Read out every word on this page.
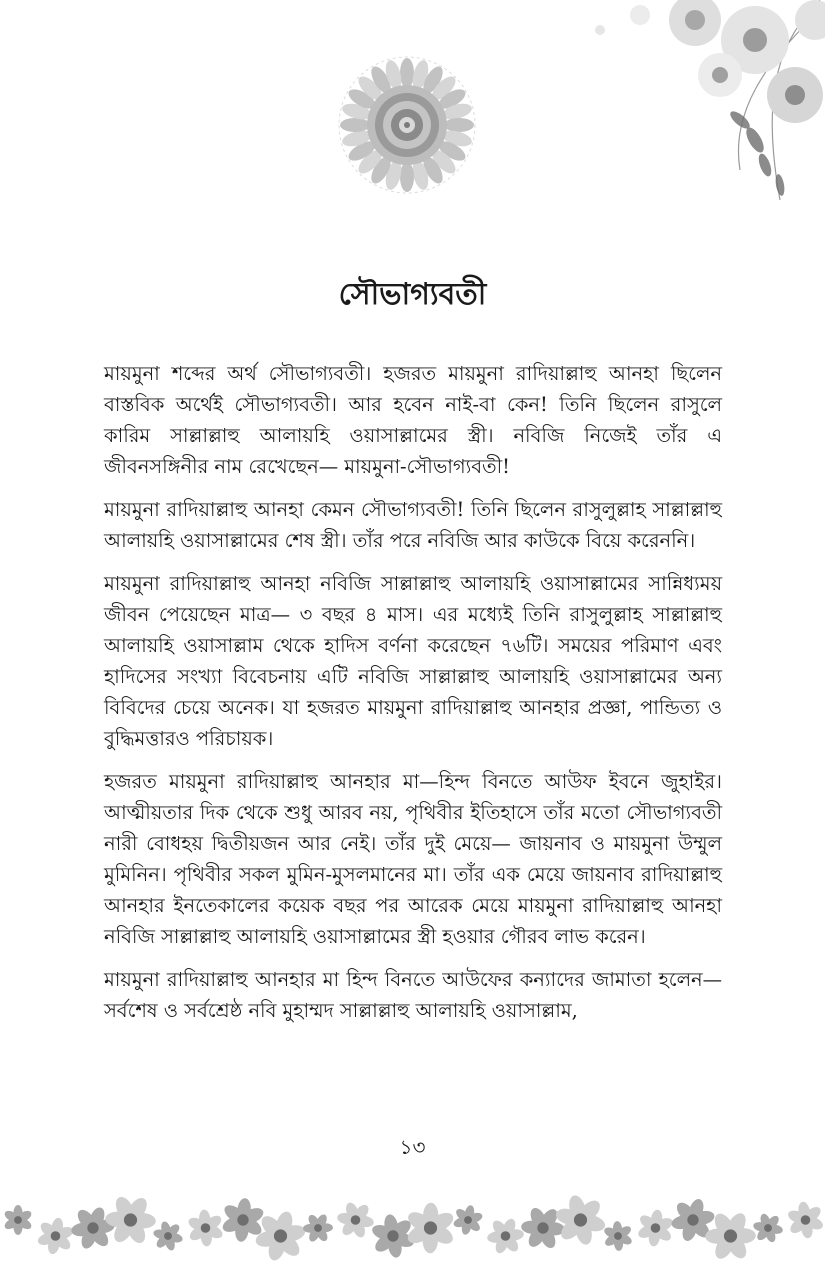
সৌভাগ্যবতী

মায়মুনা শব্দের অর্থ সৌভাগ্যবতী। হজরত মায়মুনা রাদিয়াল্লাহু আনহা ছিলেন বাস্তবিক অর্থেই সৌভাগ্যবতী। আর হবেন নাই-বা কেন! তিনি ছিলেন রাসুলে কারিম সাল্লাল্লাহু আলায়হি ওয়াসাল্লামের স্ত্রী। নবিজি নিজেই তাঁর এ জীবনসঙ্গিনীর নাম রেখেছেন— মায়মুনা-সৌভাগ্যবতী!

মায়মুনা রাদিয়াল্লাহু আনহা কেমন সৌভাগ্যবতী! তিনি ছিলেন রাসুলুল্লাহ সাল্লাল্লাহু আলায়হি ওয়াসাল্লামের শেষ স্ত্রী। তাঁর পরে নবিজি আর কাউকে বিয়ে করেননি।

মায়মুনা রাদিয়াল্লাহু আনহা নবিজি সাল্লাল্লাহু আলায়হি ওয়াসাল্লামের সান্নিধ্যময় জীবন পেয়েছেন মাত্র— ৩ বছর ৪ মাস। এর মধ্যেই তিনি রাসুলুল্লাহ সাল্লাল্লাহু আলায়হি ওয়াসাল্লাম থেকে হাদিস বর্ণনা করেছেন ৭৬টি। সময়ের পরিমাণ এবং হাদিসের সংখ্যা বিবেচনায় এটি নবিজি সাল্লাল্লাহু আলায়হি ওয়াসাল্লামের অন্য বিবিদের চেয়ে অনেক। যা হজরত মায়মুনা রাদিয়াল্লাহু আনহার প্রজ্ঞা, পান্ডিত্য ও বুদ্ধিমত্তারও পরিচায়ক।

হজরত মায়মুনা রাদিয়াল্লাহু আনহার মা—হিন্দ বিনতে আউফ ইবনে জুহাইর। আত্মীয়তার দিক থেকে শুধু আরব নয়, পৃথিবীর ইতিহাসে তাঁর মতো সৌভাগ্যবতী নারী বোধহয় দ্বিতীয়জন আর নেই। তাঁর দুই মেয়ে— জায়নাব ও মায়মুনা উম্মুল মুমিনিন। পৃথিবীর সকল মুমিন-মুসলমানের মা। তাঁর এক মেয়ে জায়নাব রাদিয়াল্লাহু আনহার ইনতেকালের কয়েক বছর পর আরেক মেয়ে মায়মুনা রাদিয়াল্লাহু আনহা নবিজি সাল্লাল্লাহু আলায়হি ওয়াসাল্লামের স্ত্রী হওয়ার গৌরব লাভ করেন।

মায়মুনা রাদিয়াল্লাহু আনহার মা হিন্দ বিনতে আউফের কন্যাদের জামাতা হলেন— সর্বশেষ ও সর্বশ্রেষ্ঠ নবি মুহাম্মদ সাল্লাল্লাহু আলায়হি ওয়াসাল্লাম,

১৩
